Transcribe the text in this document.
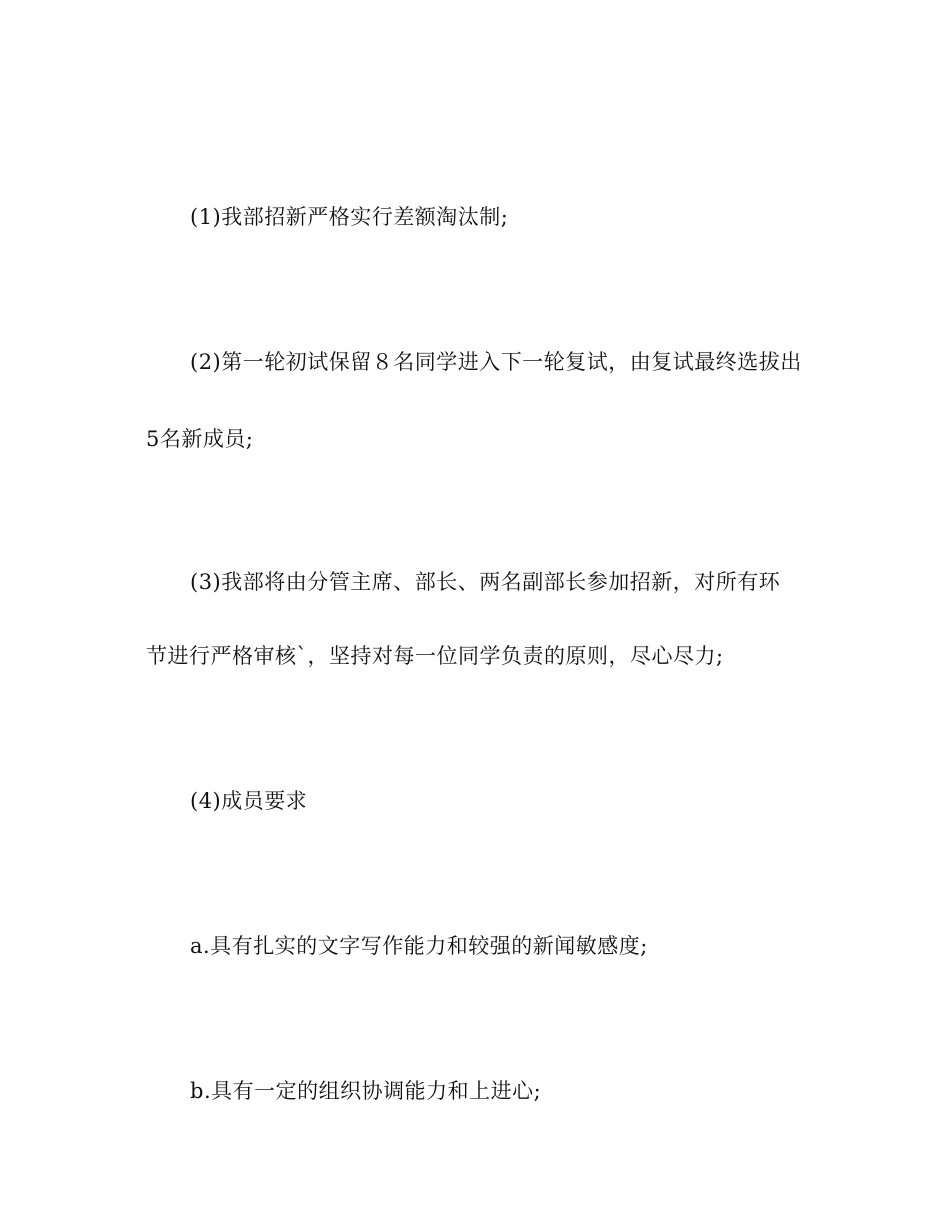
(1)我部招新严格实行差额淘汰制;
(2)第一轮初试保留８名同学进入下一轮复试，由复试最终选拔出
5名新成员;
(3)我部将由分管主席、部长、两名副部长参加招新，对所有环
节进行严格审核`，坚持对每一位同学负责的原则，尽心尽力;
(4)成员要求
a.具有扎实的文字写作能力和较强的新闻敏感度;
b.具有一定的组织协调能力和上进心;
